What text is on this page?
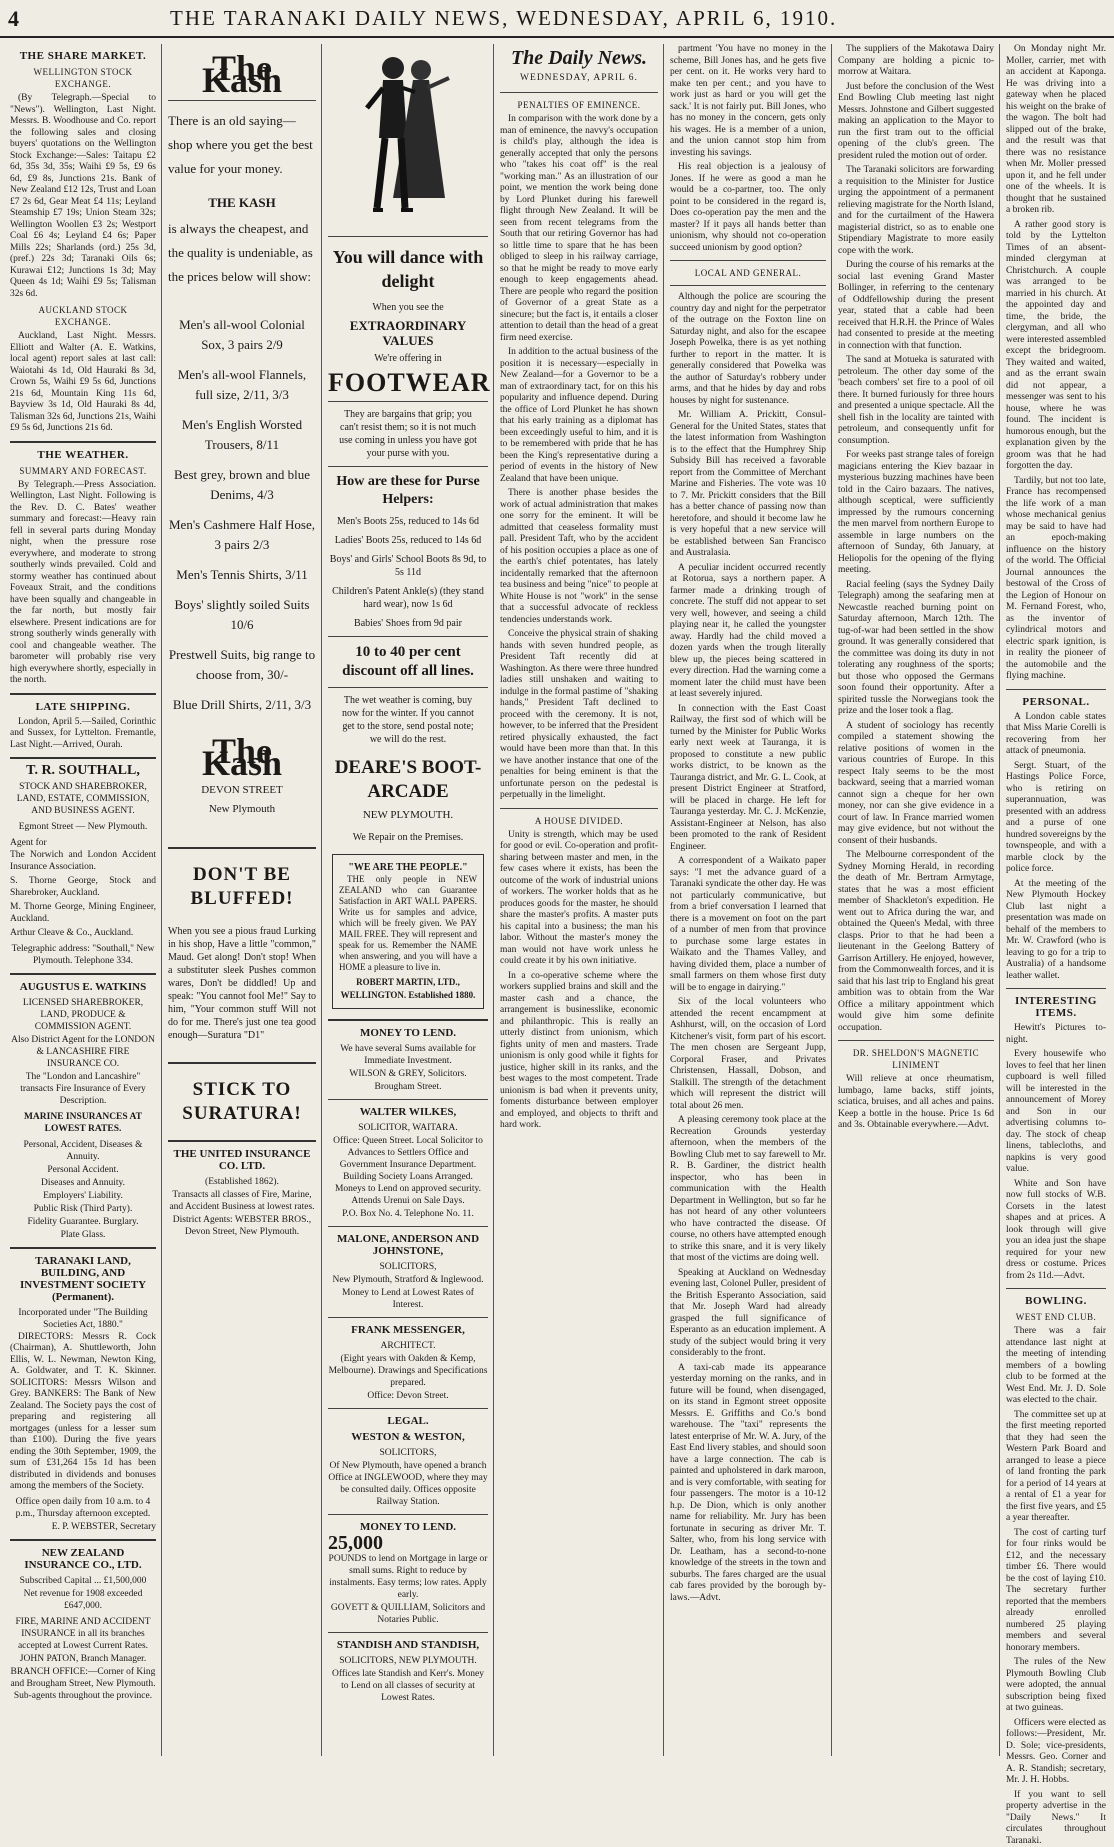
4	THE TARANAKI DAILY NEWS, WEDNESDAY, APRIL 6, 1910.
THE SHARE MARKET.
WELLINGTON STOCK EXCHANGE.

(By Telegraph.—Special to "News"). Wellington, Last Night. Messrs. B. Woodhouse and Co. report the following sales and closing buyers' quotations on the Wellington Stock Exchange:—Sales: Taitapu £2 6d, 35s 3d, 35s; Waihi £9 5s, £9 6s 6d, £9 8s, Junctions 21s. Bank of New Zealand £12 12s, Trust and Loan £7 2s 6d, Gear Meat £4 11s; Leyland Steamship £7 19s; Union Steam 32s; Wellington Woollen £3 2s; Westport Coal £6 4s; Leyland £4 6s; Paper Mills 22s; Sharlands (ord.) 25s 3d, (pref.) 22s 3d; Taranaki Oils 6s; Kurawai £12; Junctions 1s 3d; May Queen 4s 1d; Waihi £9 5s; Talisman 32s 6d.

AUCKLAND STOCK EXCHANGE.

Auckland, Last Night. Messrs. Elliott and Walter (A. E. Watkins, local agent) report sales at last call: Waiotahi 4s 1d, Old Hauraki 8s 3d, Crown 5s, Waihi £9 5s 6d, Junctions 21s 6d, Mountain King 11s 6d, Bayview 3s 1d, Old Hauraki 8s 4d, Talisman 32s 6d, Junctions 21s, Waihi £9 5s 6d, Junctions 21s 6d.

THE WEATHER.
SUMMARY AND FORECAST.

By Telegraph.—Press Association. Wellington, Last Night. Following is the Rev. D. C. Bates' weather summary and forecast:—Heavy rain fell in several parts during Monday night, when the pressure rose everywhere, and moderate to strong southerly winds prevailed. Cold and stormy weather has continued about Foveaux Strait, and the conditions have been squally and changeable in the far north, but mostly fair elsewhere. Present indications are for strong southerly winds generally with cool and changeable weather. The barometer will probably rise very high everywhere shortly, especially in the north.

LATE SHIPPING.

London, April 5.—Sailed, Corinthic and Sussex, for Lyttelton. Fremantle, Last Night.—Arrived, Ourah.

T. R. SOUTHALL,
STOCK AND SHAREBROKER, LAND, ESTATE, COMMISSION, AND BUSINESS AGENT.
Egmont Street — New Plymouth.
Agent for

The Norwich and London Accident Insurance Association.

S. Thorne George, Stock and Sharebroker, Auckland.

M. Thorne George, Mining Engineer, Auckland.

Arthur Cleave & Co., Auckland.

Telegraphic address: "Southall," New Plymouth. Telephone 334.
AUGUSTUS E. WATKINS
LICENSED SHAREBROKER, LAND, PRODUCE & COMMISSION AGENT.
Also District Agent for the LONDON & LANCASHIRE FIRE INSURANCE CO.
The "London and Lancashire" transacts Fire Insurance of Every Description.
MARINE INSURANCES AT LOWEST RATES.
Personal, Accident, Diseases & Annuity.
Personal Accident.
Diseases and Annuity.
Employers' Liability.
Public Risk (Third Party).
Fidelity Guarantee. Burglary.
Plate Glass.
TARANAKI LAND, BUILDING, AND INVESTMENT SOCIETY (Permanent).
Incorporated under "The Building Societies Act, 1880."

DIRECTORS: Messrs R. Cock (Chairman), A. Shuttleworth, John Ellis, W. L. Newman, Newton King, A. Goldwater, and T. K. Skinner. SOLICITORS: Messrs Wilson and Grey. BANKERS: The Bank of New Zealand. The Society pays the cost of preparing and registering all mortgages (unless for a lesser sum than £100). During the five years ending the 30th September, 1909, the sum of £31,264 15s 1d has been distributed in dividends and bonuses among the members of the Society.

Office open daily from 10 a.m. to 4 p.m., Thursday afternoon excepted.
E. P. WEBSTER, Secretary
NEW ZEALAND INSURANCE CO., LTD.
Subscribed Capital ... £1,500,000
Net revenue for 1908 exceeded £647,000.
FIRE, MARINE AND ACCIDENT INSURANCE in all its branches accepted at Lowest Current Rates.
JOHN PATON, Branch Manager.
BRANCH OFFICE:—Corner of King and Brougham Street, New Plymouth. Sub-agents throughout the province.
The Kash
There is an old saying—shop where you get the best value for your money.
THE KASH
is always the cheapest, and the quality is undeniable, as the prices below will show:
Men's all-wool Colonial Sox, 3 pairs 2/9
Men's all-wool Flannels, full size, 2/11, 3/3
Men's English Worsted Trousers, 8/11
Best grey, brown and blue Denims, 4/3
Men's Cashmere Half Hose, 3 pairs 2/3
Men's Tennis Shirts, 3/11
Boys' slightly soiled Suits 10/6
Prestwell Suits, big range to choose from, 30/-
Blue Drill Shirts, 2/11, 3/3
The Kash
DEVON STREET
New Plymouth
DON'T BE BLUFFED!

When you see a pious fraud Lurking in his shop, Have a little "common," Maud. Get along! Don't stop! When a substituter sleek Pushes common wares, Don't be diddled! Up and speak: "You cannot fool Me!" Say to him, "Your common stuff Will not do for me. There's just one tea good enough—Suratura "D1"

STICK TO SURATURA!
THE UNITED INSURANCE CO. LTD.
(Established 1862).
Transacts all classes of Fire, Marine, and Accident Business at lowest rates.
District Agents: WEBSTER BROS., Devon Street, New Plymouth.
You will dance with delight
When you see the
EXTRAORDINARY VALUES
We're offering in
FOOTWEAR
They are bargains that grip; you can't resist them; so it is not much use coming in unless you have got your purse with you.
How are these for Purse Helpers:
Men's Boots 25s, reduced to 14s 6d
Ladies' Boots 25s, reduced to 14s 6d
Boys' and Girls' School Boots 8s 9d, to 5s 11d
Children's Patent Ankle(s) (they stand hard wear), now 1s 6d
Babies' Shoes from 9d pair
10 to 40 per cent discount off all lines.
The wet weather is coming, buy now for the winter. If you cannot get to the store, send postal note; we will do the rest.
DEARE'S BOOT-ARCADE
NEW PLYMOUTH.
We Repair on the Premises.
"WE ARE THE PEOPLE."

THE only people in NEW ZEALAND who can Guarantee Satisfaction in ART WALL PAPERS. Write us for samples and advice, which will be freely given. We PAY MAIL FREE. They will represent and speak for us. Remember the NAME when answering, and you will have a HOME a pleasure to live in.

ROBERT MARTIN, LTD., WELLINGTON. Established 1880.
MONEY TO LEND.
We have several Sums available for Immediate Investment.
WILSON & GREY, Solicitors.
Brougham Street.
WALTER WILKES,
SOLICITOR, WAITARA.
Office: Queen Street. Local Solicitor to Advances to Settlers Office and Government Insurance Department. Building Society Loans Arranged. Moneys to Lend on approved security. Attends Urenui on Sale Days.
P.O. Box No. 4. Telephone No. 11.
MALONE, ANDERSON AND JOHNSTONE,
SOLICITORS,
New Plymouth, Stratford & Inglewood.
Money to Lend at Lowest Rates of Interest.
FRANK MESSENGER,
ARCHITECT.
(Eight years with Oakden & Kemp, Melbourne). Drawings and Specifications prepared.
Office: Devon Street.
LEGAL.
WESTON & WESTON,
SOLICITORS,
Of New Plymouth, have opened a branch Office at INGLEWOOD, where they may be consulted daily. Offices opposite Railway Station.
MONEY TO LEND.
25,000
POUNDS to lend on Mortgage in large or small sums. Right to reduce by instalments. Easy terms; low rates. Apply early.
GOVETT & QUILLIAM, Solicitors and Notaries Public.
STANDISH AND STANDISH,
SOLICITORS, NEW PLYMOUTH.
Offices late Standish and Kerr's. Money to Lend on all classes of security at Lowest Rates.
The Daily News.
WEDNESDAY, APRIL 6.
PENALTIES OF EMINENCE.

In comparison with the work done by a man of eminence, the navvy's occupation is child's play, although the idea is generally accepted that only the persons who "takes his coat off" is the real "working man." As an illustration of our point, we mention the work being done by Lord Plunket during his farewell flight through New Zealand. It will be seen from recent telegrams from the South that our retiring Governor has had so little time to spare that he has been obliged to sleep in his railway carriage, so that he might be ready to move early enough to keep engagements ahead. There are people who regard the position of Governor of a great State as a sinecure; but the fact is, it entails a closer attention to detail than the head of a great firm need exercise.

In addition to the actual business of the position it is necessary—especially in New Zealand—for a Governor to be a man of extraordinary tact, for on this his popularity and influence depend. During the office of Lord Plunket he has shown that his early training as a diplomat has been exceedingly useful to him, and it is to be remembered with pride that he has been the King's representative during a period of events in the history of New Zealand that have been unique.

There is another phase besides the work of actual administration that makes one sorry for the eminent. It will be admitted that ceaseless formality must pall. President Taft, who by the accident of his position occupies a place as one of the earth's chief potentates, has lately incidentally remarked that the afternoon tea business and being "nice" to people at White House is not "work" in the sense that a successful advocate of reckless tendencies understands work.

Conceive the physical strain of shaking hands with seven hundred people, as President Taft recently did at Washington. As there were three hundred ladies still unshaken and waiting to indulge in the formal pastime of "shaking hands," President Taft declined to proceed with the ceremony. It is not, however, to be inferred that the President retired physically exhausted, the fact would have been more than that. In this we have another instance that one of the penalties for being eminent is that the unfortunate person on the pedestal is perpetually in the limelight.

A HOUSE DIVIDED.

Unity is strength, which may be used for good or evil. Co-operation and profit-sharing between master and men, in the few cases where it exists, has been the outcome of the work of industrial unions of workers. The worker holds that as he produces goods for the master, he should share the master's profits. A master puts his capital into a business; the man his labor. Without the master's money the man would not have work unless he could create it by his own initiative.

In a co-operative scheme where the workers supplied brains and skill and the master cash and a chance, the arrangement is businesslike, economic and philanthropic. This is really an utterly distinct from unionism, which fights unity of men and masters. Trade unionism is only good while it fights for justice, higher skill in its ranks, and the best wages to the most competent. Trade unionism is bad when it prevents unity, foments disturbance between employer and employed, and objects to thrift and hard work.

partment 'You have no money in the scheme, Bill Jones has, and he gets five per cent. on it. He works very hard to make ten per cent.; and you have to work just as hard or you will get the sack.' It is not fairly put. Bill Jones, who has no money in the concern, gets only his wages. He is a member of a union, and the union cannot stop him from investing his savings.

His real objection is a jealousy of Jones. If he were as good a man he would be a co-partner, too. The only point to be considered in the regard is, Does co-operation pay the men and the master? If it pays all hands better than unionism, why should not co-operation succeed unionism by good option?

LOCAL AND GENERAL.

Although the police are scouring the country day and night for the perpetrator of the outrage on the Foxton line on Saturday night, and also for the escapee Joseph Powelka, there is as yet nothing further to report in the matter. It is generally considered that Powelka was the author of Saturday's robbery under arms, and that he hides by day and robs houses by night for sustenance.

Mr. William A. Prickitt, Consul-General for the United States, states that the latest information from Washington is to the effect that the Humphrey Ship Subsidy Bill has received a favorable report from the Committee of Merchant Marine and Fisheries. The vote was 10 to 7. Mr. Prickitt considers that the Bill has a better chance of passing now than heretofore, and should it become law he is very hopeful that a new service will be established between San Francisco and Australasia.

A peculiar incident occurred recently at Rotorua, says a northern paper. A farmer made a drinking trough of concrete. The stuff did not appear to set very well, however, and seeing a child playing near it, he called the youngster away. Hardly had the child moved a dozen yards when the trough literally blew up, the pieces being scattered in every direction. Had the warning come a moment later the child must have been at least severely injured.

In connection with the East Coast Railway, the first sod of which will be turned by the Minister for Public Works early next week at Tauranga, it is proposed to constitute a new public works district, to be known as the Tauranga district, and Mr. G. L. Cook, at present District Engineer at Stratford, will be placed in charge. He left for Tauranga yesterday. Mr. C. J. McKenzie, Assistant-Engineer at Nelson, has also been promoted to the rank of Resident Engineer.

A correspondent of a Waikato paper says: "I met the advance guard of a Taranaki syndicate the other day. He was not particularly communicative, but from a brief conversation I learned that there is a movement on foot on the part of a number of men from that province to purchase some large estates in Waikato and the Thames Valley, and having divided them, place a number of small farmers on them whose first duty will be to engage in dairying."

Six of the local volunteers who attended the recent encampment at Ashhurst, will, on the occasion of Lord Kitchener's visit, form part of his escort. The men chosen are Sergeant Jupp, Corporal Fraser, and Privates Christensen, Hassall, Dobson, and Stalkill. The strength of the detachment which will represent the district will total about 26 men.

A pleasing ceremony took place at the Recreation Grounds yesterday afternoon, when the members of the Bowling Club met to say farewell to Mr. R. B. Gardiner, the district health inspector, who has been in communication with the Health Department in Wellington, but so far he has not heard of any other volunteers who have contracted the disease. Of course, no others have attempted enough to strike this snare, and it is very likely that most of the victims are doing well.

Speaking at Auckland on Wednesday evening last, Colonel Puller, president of the British Esperanto Association, said that Mr. Joseph Ward had already grasped the full significance of Esperanto as an education implement. A study of the subject would bring it very considerably to the front.

A taxi-cab made its appearance yesterday morning on the ranks, and in future will be found, when disengaged, on its stand in Egmont street opposite Messrs. E. Griffiths and Co.'s bond warehouse. The "taxi" represents the latest enterprise of Mr. W. A. Jury, of the East End livery stables, and should soon have a large connection. The cab is painted and upholstered in dark maroon, and is very comfortable, with seating for four passengers. The motor is a 10-12 h.p. De Dion, which is only another name for reliability. Mr. Jury has been fortunate in securing as driver Mr. T. Salter, who, from his long service with Dr. Leatham, has a second-to-none knowledge of the streets in the town and suburbs. The fares charged are the usual cab fares provided by the borough by-laws.—Advt.

The suppliers of the Makotawa Dairy Company are holding a picnic to-morrow at Waitara.

Just before the conclusion of the West End Bowling Club meeting last night Messrs. Johnstone and Gilbert suggested making an application to the Mayor to run the first tram out to the official opening of the club's green. The president ruled the motion out of order.

The Taranaki solicitors are forwarding a requisition to the Minister for Justice urging the appointment of a permanent relieving magistrate for the North Island, and for the curtailment of the Hawera magisterial district, so as to enable one Stipendiary Magistrate to more easily cope with the work.

During the course of his remarks at the social last evening Grand Master Bollinger, in referring to the centenary of Oddfellowship during the present year, stated that a cable had been received that H.R.H. the Prince of Wales had consented to preside at the meeting in connection with that function.

The sand at Motueka is saturated with petroleum. The other day some of the 'beach combers' set fire to a pool of oil there. It burned furiously for three hours and presented a unique spectacle. All the shell fish in the locality are tainted with petroleum, and consequently unfit for consumption.

For weeks past strange tales of foreign magicians entering the Kiev bazaar in mysterious buzzing machines have been told in the Cairo bazaars. The natives, although sceptical, were sufficiently impressed by the rumours concerning the men marvel from northern Europe to assemble in large numbers on the afternoon of Sunday, 6th January, at Heliopolis for the opening of the flying meeting.

Racial feeling (says the Sydney Daily Telegraph) among the seafaring men at Newcastle reached burning point on Saturday afternoon, March 12th. The tug-of-war had been settled in the show ground. It was generally considered that the committee was doing its duty in not tolerating any roughness of the sports; but those who opposed the Germans soon found their opportunity. After a spirited tussle the Norwegians took the prize and the loser took a flag.

A student of sociology has recently compiled a statement showing the relative positions of women in the various countries of Europe. In this respect Italy seems to be the most backward, seeing that a married woman cannot sign a cheque for her own money, nor can she give evidence in a court of law. In France married women may give evidence, but not without the consent of their husbands.

The Melbourne correspondent of the Sydney Morning Herald, in recording the death of Mr. Bertram Armytage, states that he was a most efficient member of Shackleton's expedition. He went out to Africa during the war, and obtained the Queen's Medal, with three clasps. Prior to that he had been a lieutenant in the Geelong Battery of Garrison Artillery. He enjoyed, however, from the Commonwealth forces, and it is said that his last trip to England his great ambition was to obtain from the War Office a military appointment which would give him some definite occupation.

DR. SHELDON'S MAGNETIC LINIMENT

Will relieve at once rheumatism, lumbago, lame backs, stiff joints, sciatica, bruises, and all aches and pains. Keep a bottle in the house. Price 1s 6d and 3s. Obtainable everywhere.—Advt.

On Monday night Mr. Moller, carrier, met with an accident at Kaponga. He was driving into a gateway when he placed his weight on the brake of the wagon. The bolt had slipped out of the brake, and the result was that there was no resistance when Mr. Moller pressed upon it, and he fell under one of the wheels. It is thought that he sustained a broken rib.

A rather good story is told by the Lyttelton Times of an absent-minded clergyman at Christchurch. A couple was arranged to be married in his church. At the appointed day and time, the bride, the clergyman, and all who were interested assembled except the bridegroom. They waited and waited, and as the errant swain did not appear, a messenger was sent to his house, where he was found. The incident is humorous enough, but the explanation given by the groom was that he had forgotten the day.

Tardily, but not too late, France has recompensed the life work of a man whose mechanical genius may be said to have had an epoch-making influence on the history of the world. The Official Journal announces the bestowal of the Cross of the Legion of Honour on M. Fernand Forest, who, as the inventor of cylindrical motors and electric spark ignition, is in reality the pioneer of the automobile and the flying machine.

PERSONAL.

A London cable states that Miss Marie Corelli is recovering from her attack of pneumonia.

Sergt. Stuart, of the Hastings Police Force, who is retiring on superannuation, was presented with an address and a purse of one hundred sovereigns by the townspeople, and with a marble clock by the police force.

At the meeting of the New Plymouth Hockey Club last night a presentation was made on behalf of the members to Mr. W. Crawford (who is leaving to go for a trip to Australia) of a handsome leather wallet.

INTERESTING ITEMS.

Hewitt's Pictures to-night.

Every housewife who loves to feel that her linen cupboard is well filled will be interested in the announcement of Morey and Son in our advertising columns to-day. The stock of cheap linens, tablecloths, and napkins is very good value.

White and Son have now full stocks of W.B. Corsets in the latest shapes and at prices. A look through will give you an idea just the shape required for your new dress or costume. Prices from 2s 11d.—Advt.

BOWLING.
WEST END CLUB.

There was a fair attendance last night at the meeting of intending members of a bowling club to be formed at the West End. Mr. J. D. Sole was elected to the chair.

The committee set up at the first meeting reported that they had seen the Western Park Board and arranged to lease a piece of land fronting the park for a period of 14 years at a rental of £1 a year for the first five years, and £5 a year thereafter.

The cost of carting turf for four rinks would be £12, and the necessary timber £6. There would be the cost of laying £10. The secretary further reported that the members already enrolled numbered 25 playing members and several honorary members.

The rules of the New Plymouth Bowling Club were adopted, the annual subscription being fixed at two guineas.

Officers were elected as follows:—President, Mr. D. Sole; vice-presidents, Messrs. Geo. Corner and A. R. Standish; secretary, Mr. J. H. Hobbs.

If you want to sell property advertise in the "Daily News." It circulates throughout Taranaki.
